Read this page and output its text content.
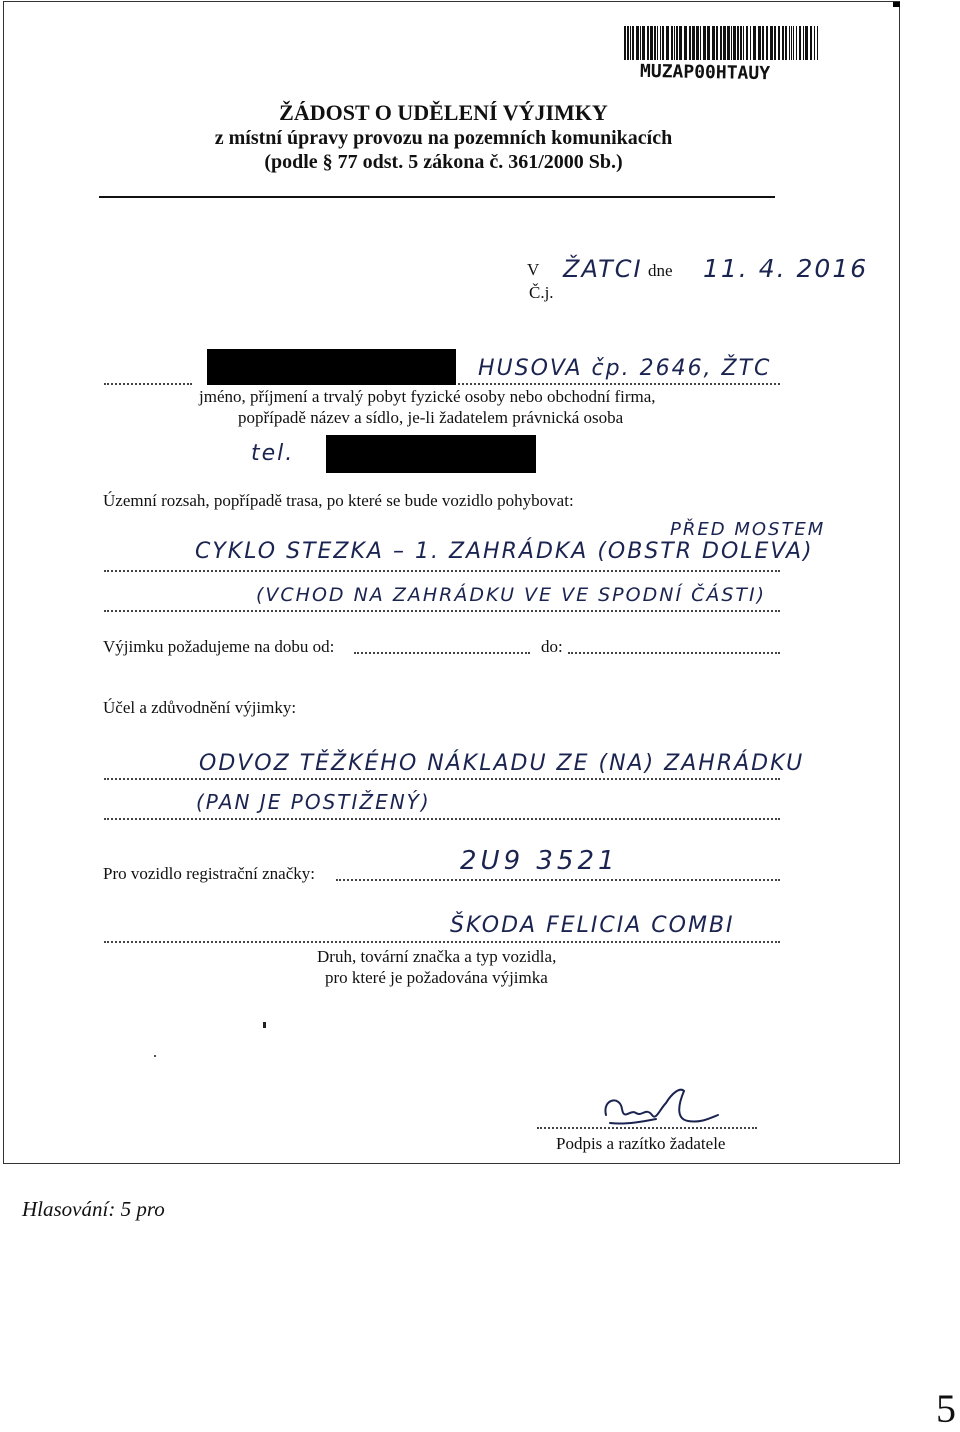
MUZAP00HTAUY
ŽÁDOST O UDĚLENÍ VÝJIMKY
z místní úpravy provozu na pozemních komunikacích
(podle § 77 odst. 5 zákona č. 361/2000 Sb.)
V ŽATCI dne 11. 4. 2016
Č.j.
HUSOVA čp. 2646, ŽTC
jméno, příjmení a trvalý pobyt fyzické osoby nebo obchodní firma,
popřípadě název a sídlo, je-li žadatelem právnická osoba
tel.
Územní rozsah, popřípadě trasa, po které se bude vozidlo pohybovat:
PŘED MOSTEM
CYKLO STEZKA – 1. ZAHRÁDKA (OBSTR DOLEVA)
(VCHOD NA ZAHRÁDKU VE VE SPODNÍ ČÁSTI)
Výjimku požadujeme na dobu od:	do:
Účel a zdůvodnění výjimky:
ODVOZ TĚŽKÉHO NÁKLADU ZE (NA) ZAHRÁDKU
(PAN JE POSTIŽENÝ)
Pro vozidlo registrační značky:	2U9 3521
ŠKODA FELICIA COMBI
Druh, tovární značka a typ vozidla,
pro které je požadována výjimka
Podpis a razítko žadatele
Hlasování: 5 pro
5
